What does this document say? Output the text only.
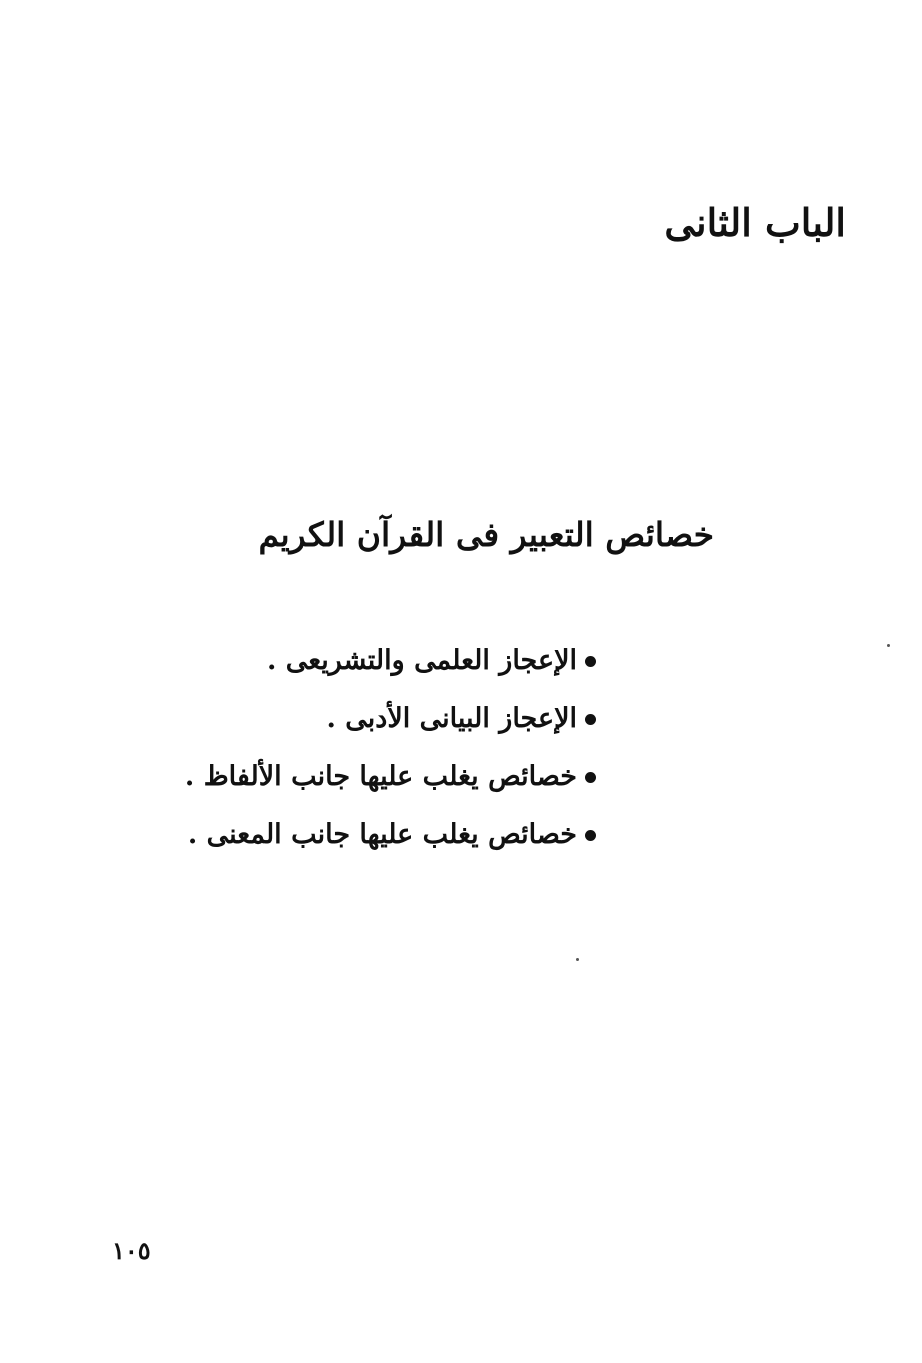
الباب الثانى
خصائص التعبير فى القرآن الكريم
الإعجاز العلمى والتشريعى .
الإعجاز البيانى الأدبى .
خصائص يغلب عليها جانب الألفاظ .
خصائص يغلب عليها جانب المعنى .
١٠٥
